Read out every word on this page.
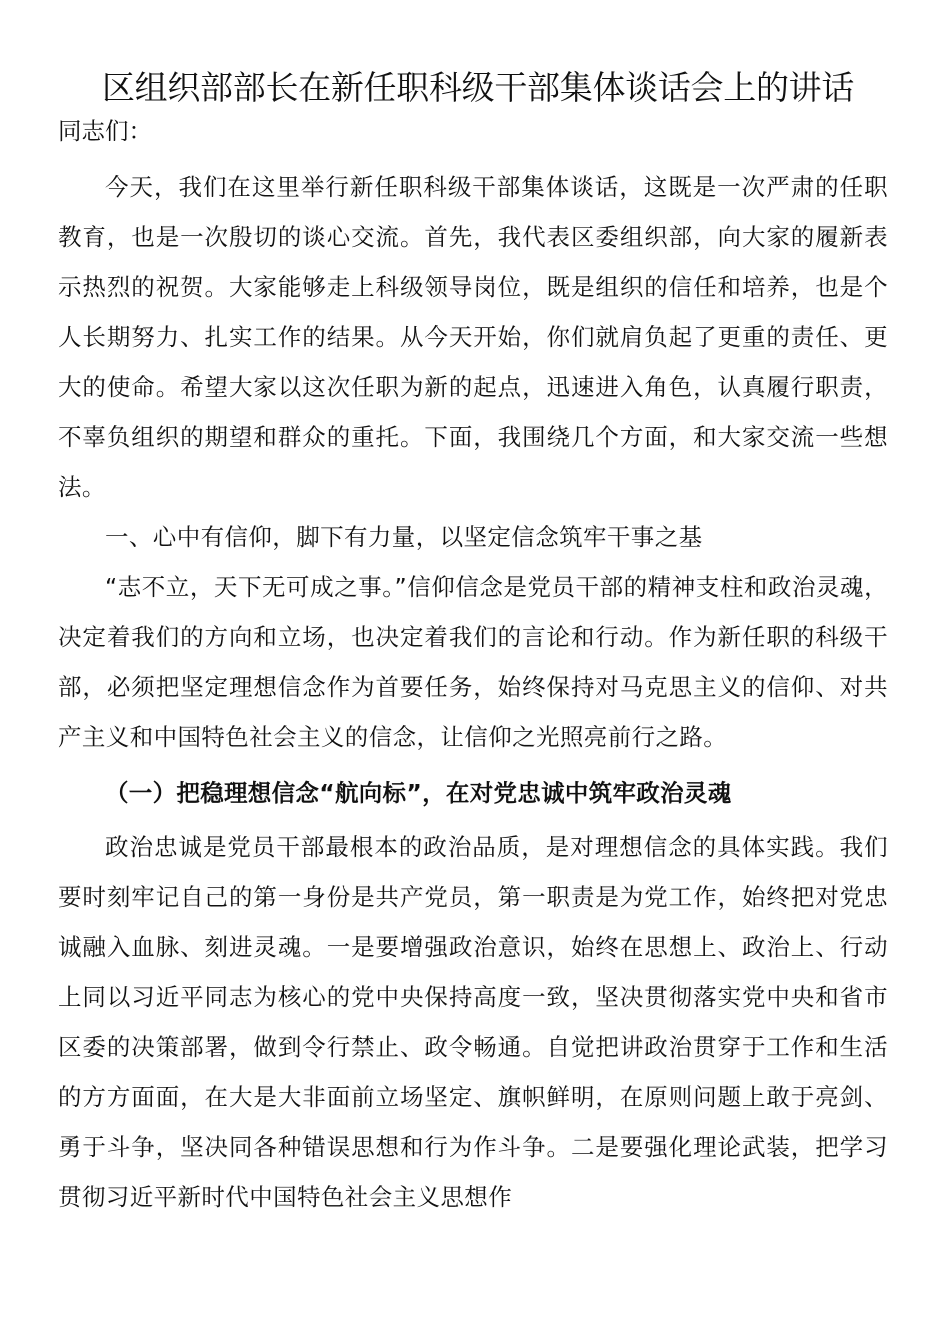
区组织部部长在新任职科级干部集体谈话会上的讲话

同志们：

今天，我们在这里举行新任职科级干部集体谈话，这既是一次严肃的任职教育，也是一次殷切的谈心交流。首先，我代表区委组织部，向大家的履新表示热烈的祝贺。大家能够走上科级领导岗位，既是组织的信任和培养，也是个人长期努力、扎实工作的结果。从今天开始，你们就肩负起了更重的责任、更大的使命。希望大家以这次任职为新的起点，迅速进入角色，认真履行职责，不辜负组织的期望和群众的重托。下面，我围绕几个方面，和大家交流一些想法。

一、心中有信仰，脚下有力量，以坚定信念筑牢干事之基

“志不立，天下无可成之事。”信仰信念是党员干部的精神支柱和政治灵魂，决定着我们的方向和立场，也决定着我们的言论和行动。作为新任职的科级干部，必须把坚定理想信念作为首要任务，始终保持对马克思主义的信仰、对共产主义和中国特色社会主义的信念，让信仰之光照亮前行之路。

（一）把稳理想信念“航向标”，在对党忠诚中筑牢政治灵魂

政治忠诚是党员干部最根本的政治品质，是对理想信念的具体实践。我们要时刻牢记自己的第一身份是共产党员，第一职责是为党工作，始终把对党忠诚融入血脉、刻进灵魂。一是要增强政治意识，始终在思想上、政治上、行动上同以习近平同志为核心的党中央保持高度一致，坚决贯彻落实党中央和省市区委的决策部署，做到令行禁止、政令畅通。自觉把讲政治贯穿于工作和生活的方方面面，在大是大非面前立场坚定、旗帜鲜明，在原则问题上敢于亮剑、勇于斗争，坚决同各种错误思想和行为作斗争。二是要强化理论武装，把学习贯彻习近平新时代中国特色社会主义思想作
